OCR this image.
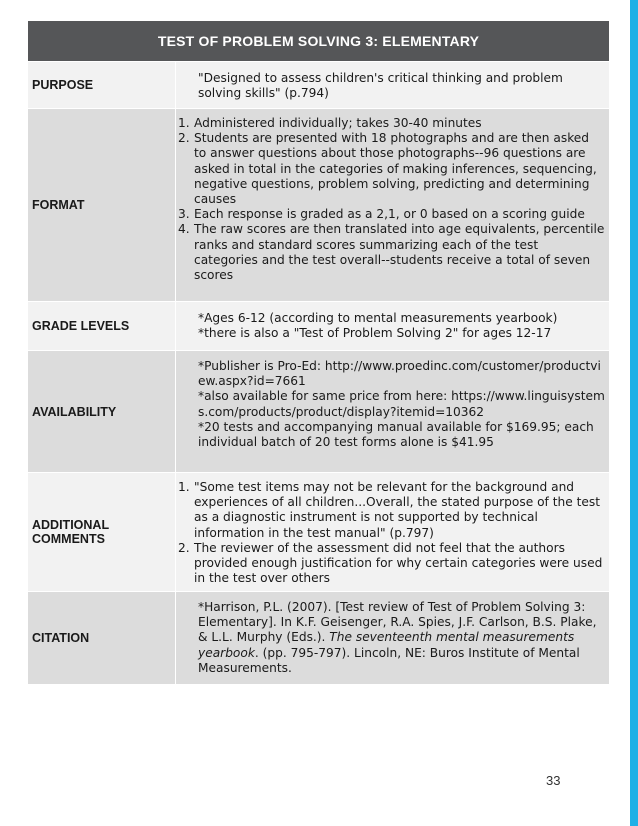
TEST OF PROBLEM SOLVING 3: ELEMENTARY
PURPOSE	"Designed to assess children's critical thinking and problem solving skills" (p.794)

FORMAT
1. Administered individually; takes 30-40 minutes
2. Students are presented with 18 photographs and are then asked to answer questions about those photographs--96 questions are asked in total in the categories of making inferences, sequencing, negative questions, problem solving, predicting and determining causes
3. Each response is graded as a 2,1, or 0 based on a scoring guide
4. The raw scores are then translated into age equivalents, percentile ranks and standard scores summarizing each of the test categories and the test overall--students receive a total of seven scores
GRADE LEVELS

*Ages 6-12 (according to mental measurements yearbook)

*there is also a "Test of Problem Solving 2" for ages 12-17

AVAILABILITY

*Publisher is Pro-Ed: http://www.proedinc.com/customer/productview.aspx?id=7661

*also available for same price from here: https://www.linguisystems.com/products/product/display?itemid=10362

*20 tests and accompanying manual available for $169.95; each individual batch of 20 test forms alone is $41.95

ADDITIONAL COMMENTS
1. "Some test items may not be relevant for the background and experiences of all children...Overall, the stated purpose of the test as a diagnostic instrument is not supported by technical information in the test manual" (p.797)
2. The reviewer of the assessment did not feel that the authors provided enough justification for why certain categories were used in the test over others
CITATION

*Harrison, P.L. (2007). [Test review of Test of Problem Solving 3: Elementary]. In K.F. Geisenger, R.A. Spies, J.F. Carlson, B.S. Plake, & L.L. Murphy (Eds.). The seventeenth mental measurements yearbook. (pp. 795-797). Lincoln, NE: Buros Institute of Mental Measurements.

33
